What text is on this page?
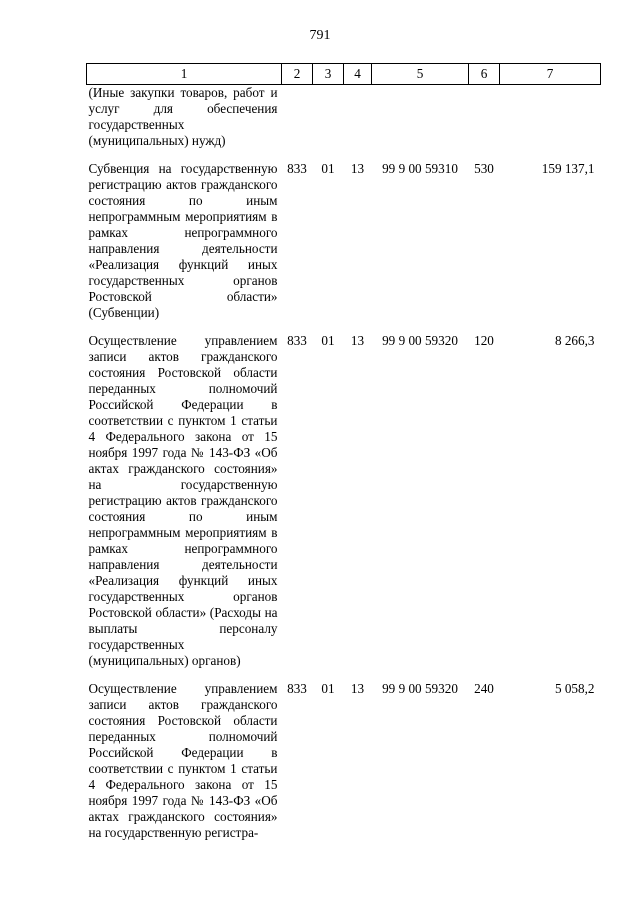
791
1	2	3	4	5	6	7
(Иные закупки товаров, работ и услуг для обеспечения государственных (муниципальных) нужд)						
Субвенция на государственную регистрацию актов гражданского состояния по иным непрограммным мероприятиям в рамках непрограммного направления деятельности «Реализация функций иных государственных органов Ростовской области» (Субвенции)	833	01	13	99 9 00 59310	530	159 137,1
Осуществление управлением записи актов гражданского состояния Ростовской области переданных полномочий Российской Федерации в соответствии с пунктом 1 статьи 4 Федерального закона от 15 ноября 1997 года № 143-ФЗ «Об актах гражданского состояния» на государственную регистрацию актов гражданского состояния по иным непрограммным мероприятиям в рамках непрограммного направления деятельности «Реализация функций иных государственных органов Ростовской области» (Расходы на выплаты персоналу государственных (муниципальных) органов)	833	01	13	99 9 00 59320	120	8 266,3
Осуществление управлением записи актов гражданского состояния Ростовской области переданных полномочий Российской Федерации в соответствии с пунктом 1 статьи 4 Федерального закона от 15 ноября 1997 года № 143-ФЗ «Об актах гражданского состояния» на государственную регистра-	833	01	13	99 9 00 59320	240	5 058,2
